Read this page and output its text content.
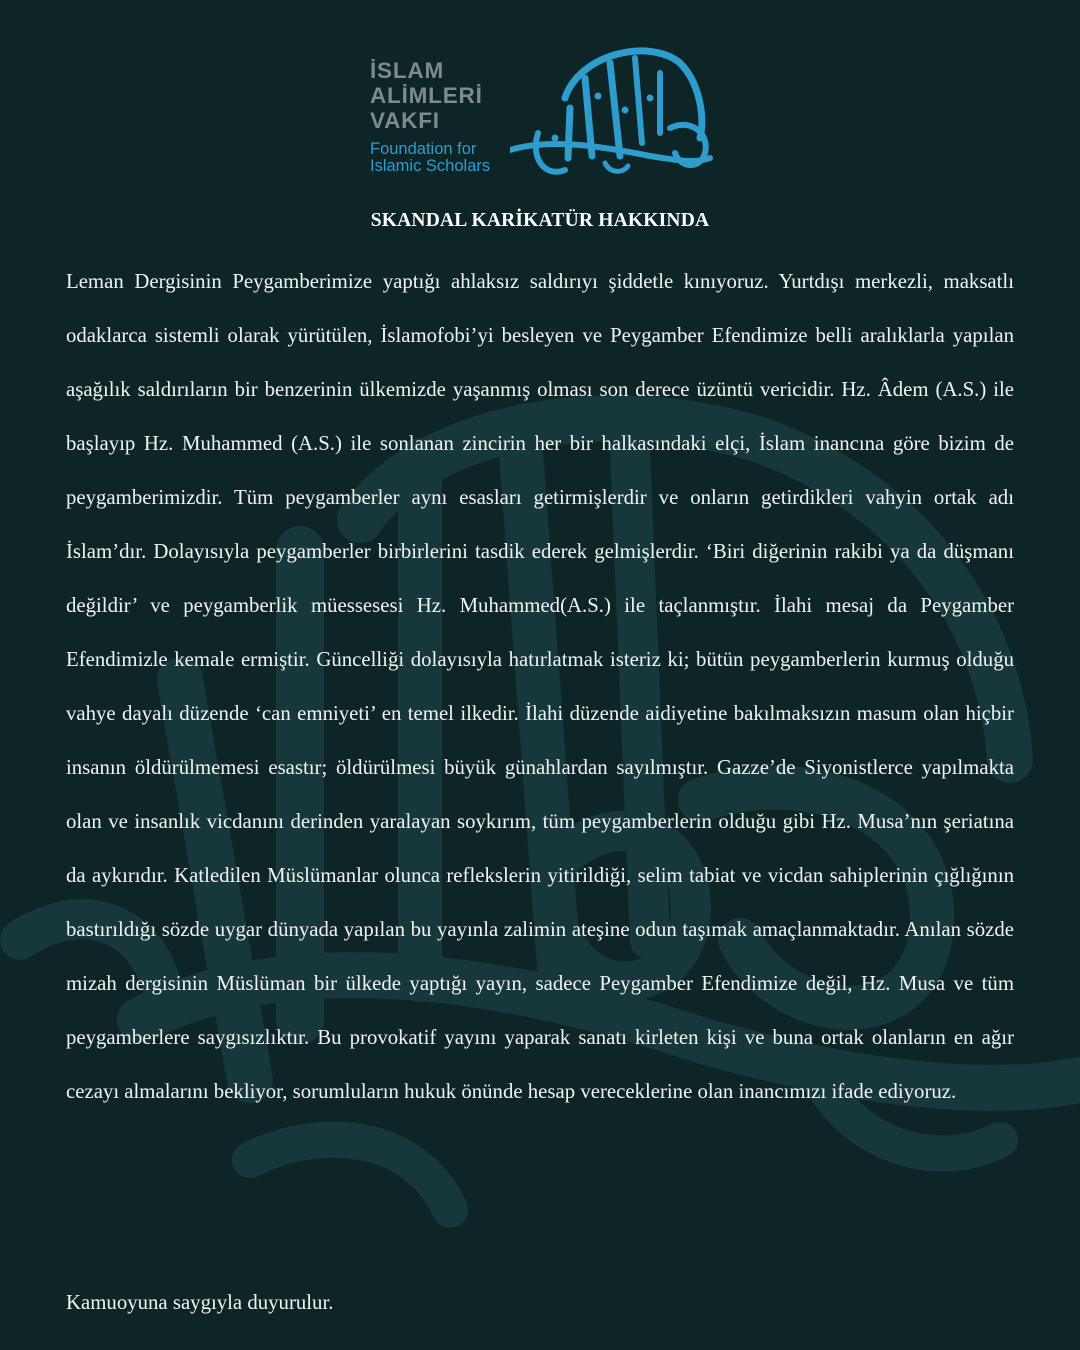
İSLAM

ALİMLERİ

VAKFI

Foundation for

Islamic Scholars

SKANDAL KARİKATÜR HAKKINDA

Leman Dergisinin Peygamberimize yaptığı ahlaksız saldırıyı şiddetle kınıyoruz. Yurtdışı merkezli, maksatlı odaklarca sistemli olarak yürütülen, İslamofobi’yi besleyen ve Peygamber Efendimize belli aralıklarla yapılan aşağılık saldırıların bir benzerinin ülkemizde yaşanmış olması son derece üzüntü vericidir. Hz. Âdem (A.S.) ile başlayıp Hz. Muhammed (A.S.) ile sonlanan zincirin her bir halkasındaki elçi, İslam inancına göre bizim de peygamberimizdir. Tüm peygamberler aynı esasları getirmişlerdir ve onların getirdikleri vahyin ortak adı İslam’dır. Dolayısıyla peygamberler birbirlerini tasdik ederek gelmişlerdir. ‘Biri diğerinin rakibi ya da düşmanı değildir’ ve peygamberlik müessesesi Hz. Muhammed(A.S.) ile taçlanmıştır. İlahi mesaj da Peygamber Efendimizle kemale ermiştir. Güncelliği dolayısıyla hatırlatmak isteriz ki; bütün peygamberlerin kurmuş olduğu vahye dayalı düzende ‘can emniyeti’ en temel ilkedir. İlahi düzende aidiyetine bakılmaksızın masum olan hiçbir insanın öldürülmemesi esastır; öldürülmesi büyük günahlardan sayılmıştır. Gazze’de Siyonistlerce yapılmakta olan ve insanlık vicdanını derinden yaralayan soykırım, tüm peygamberlerin olduğu gibi Hz. Musa’nın şeriatına da aykırıdır. Katledilen Müslümanlar olunca reflekslerin yitirildiği, selim tabiat ve vicdan sahiplerinin çığlığının bastırıldığı sözde uygar dünyada yapılan bu yayınla zalimin ateşine odun taşımak amaçlanmaktadır. Anılan sözde mizah dergisinin Müslüman bir ülkede yaptığı yayın, sadece Peygamber Efendimize değil, Hz. Musa ve tüm peygamberlere saygısızlıktır. Bu provokatif yayını yaparak sanatı kirleten kişi ve buna ortak olanların en ağır cezayı almalarını bekliyor, sorumluların hukuk önünde hesap vereceklerine olan inancımızı ifade ediyoruz.

Kamuoyuna saygıyla duyurulur.
